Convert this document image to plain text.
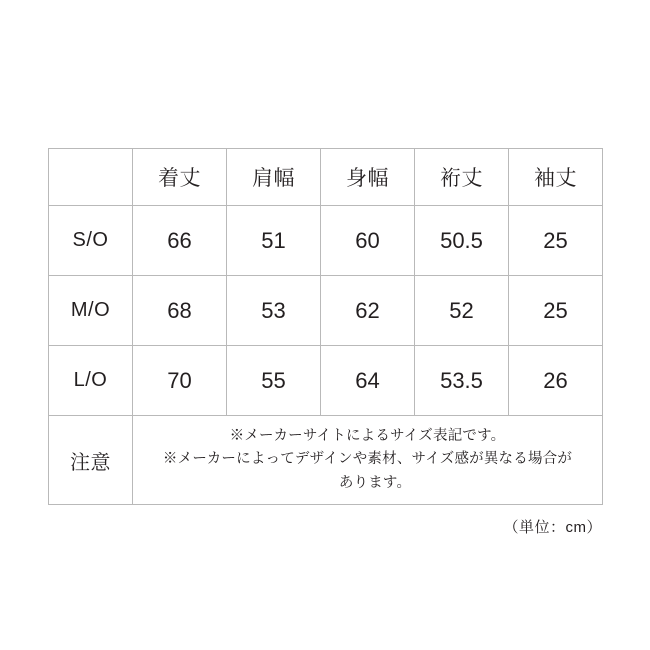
	着丈	肩幅	身幅	裄丈	袖丈
S/O	66	51	60	50.5	25
M/O	68	53	62	52	25
L/O	70	55	64	53.5	26
注意	※メーカーサイトによるサイズ表記です。
※メーカーによってデザインや素材、サイズ感が異なる場合が
あります。				
（単位：cm）
